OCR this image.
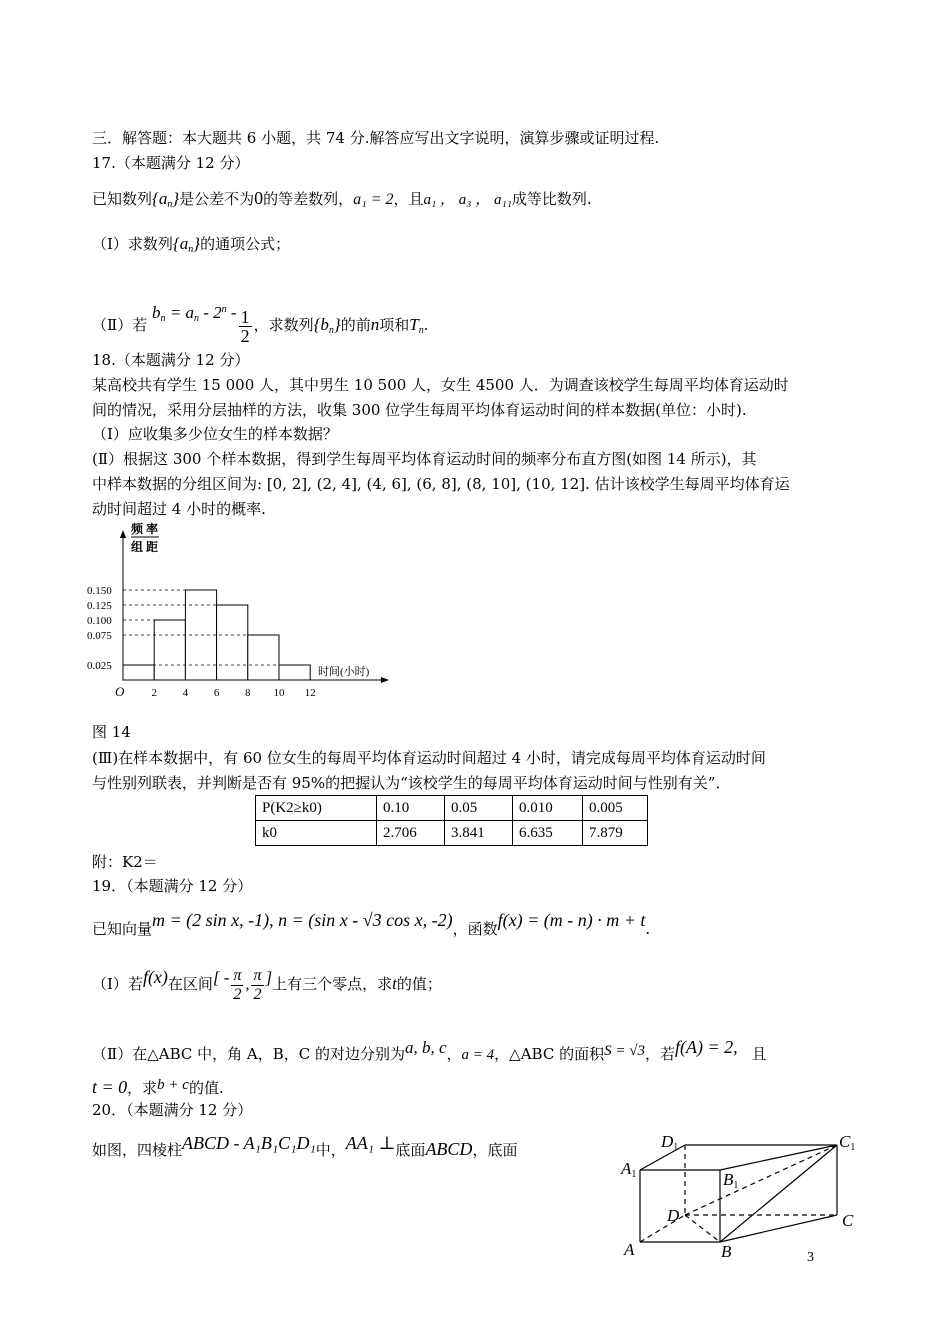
三．解答题：本大题共 6 小题，共 74 分.解答应写出文字说明，演算步骤或证明过程.
17.（本题满分 12 分）
已知数列$\{a_n\}$是公差不为0的等差数列，a₁ = 2，且a₁ ， a₃ ， a₁₁成等比数列.
（Ⅰ）求数列$\{a_n\}$的通项公式；
（Ⅱ）若 $b_n = a_n - 2^n - \frac{1}{2}$ ，求数列$\{b_n\}$的前n项和$T_n$.
18.（本题满分 12 分）
某高校共有学生 15 000 人，其中男生 10 500 人，女生 4500 人．为调查该校学生每周平均体育运动时
间的情况，采用分层抽样的方法，收集 300 位学生每周平均体育运动时间的样本数据(单位：小时).
（Ⅰ）应收集多少位女生的样本数据？
(Ⅱ）根据这 300 个样本数据，得到学生每周平均体育运动时间的频率分布直方图(如图 14 所示)，其
中样本数据的分组区间为: [0, 2], (2, 4], (4, 6], (6, 8], (8, 10], (10, 12]. 估计该校学生每周平均体育运
动时间超过 4 小时的概率.
频 率
组 距
0.150
0.125
0.100
0.075
0.025
2 4 6 8 10 12
O
时间(小时)
图 14
(Ⅲ)在样本数据中，有 60 位女生的每周平均体育运动时间超过 4 小时，请完成每周平均体育运动时间
与性别列联表，并判断是否有 95%的把握认为“该校学生的每周平均体育运动时间与性别有关”．
P(K2≥k0)	0.10	0.05	0.010	0.005
k0	2.706	3.841	6.635	7.879
附：K2＝
19．（本题满分 12 分）
已知向量m = (2 sin x, -1), n = (sin x - √3 cos x, -2)，函数f(x) = (m - n) · m + t.
（Ⅰ）若f(x)在区间[ - $\frac{\pi}{2}$ , $\frac{\pi}{2}$ ]上有三个零点，求t的值；
（Ⅱ）在△ABC 中，角 A，B，C 的对边分别为a, b, c，a = 4，△ABC 的面积S = √3，若f(A) = 2, 且
t = 0，求b + c的值.
20．（本题满分 12 分）
如图，四棱柱ABCD - A₁B₁C₁D₁中，AA₁ ⊥底面ABCD，底面	D1	C1
A1	B1
D	C
A	B	3
